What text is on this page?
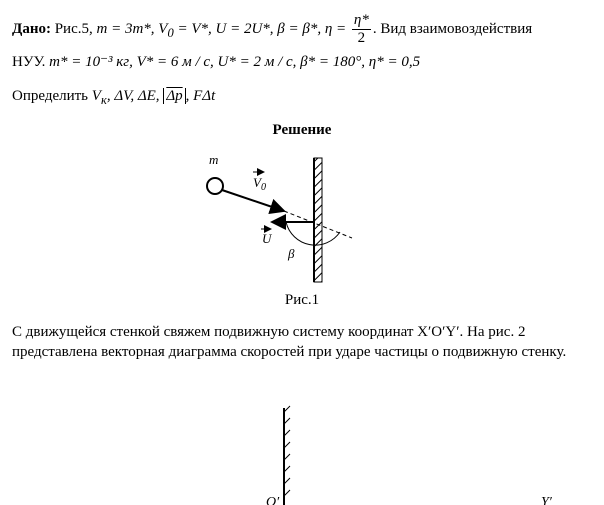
Дано: Рис.5, m = 3m*, $V_0 = V*$, U = 2U*, β = β*, $\eta = \frac{\eta*}{2}$ . Вид взаимовоздействия
НУУ. m* = 10⁻³ кг, V* = 6 м / с, U* = 2 м / с, β* = 180°, η* = 0,5
Определить $V_к$, ΔV, ΔE, $\overline{\Delta p}$ , FΔt
Решение
m
$V_0$
U
β
O′	Y′
Рис.1
С движущейся стенкой свяжем подвижную систему координат X′O′Y′. На рис. 2 представлена векторная диаграмма скоростей при ударе частицы о подвижную стенку.
